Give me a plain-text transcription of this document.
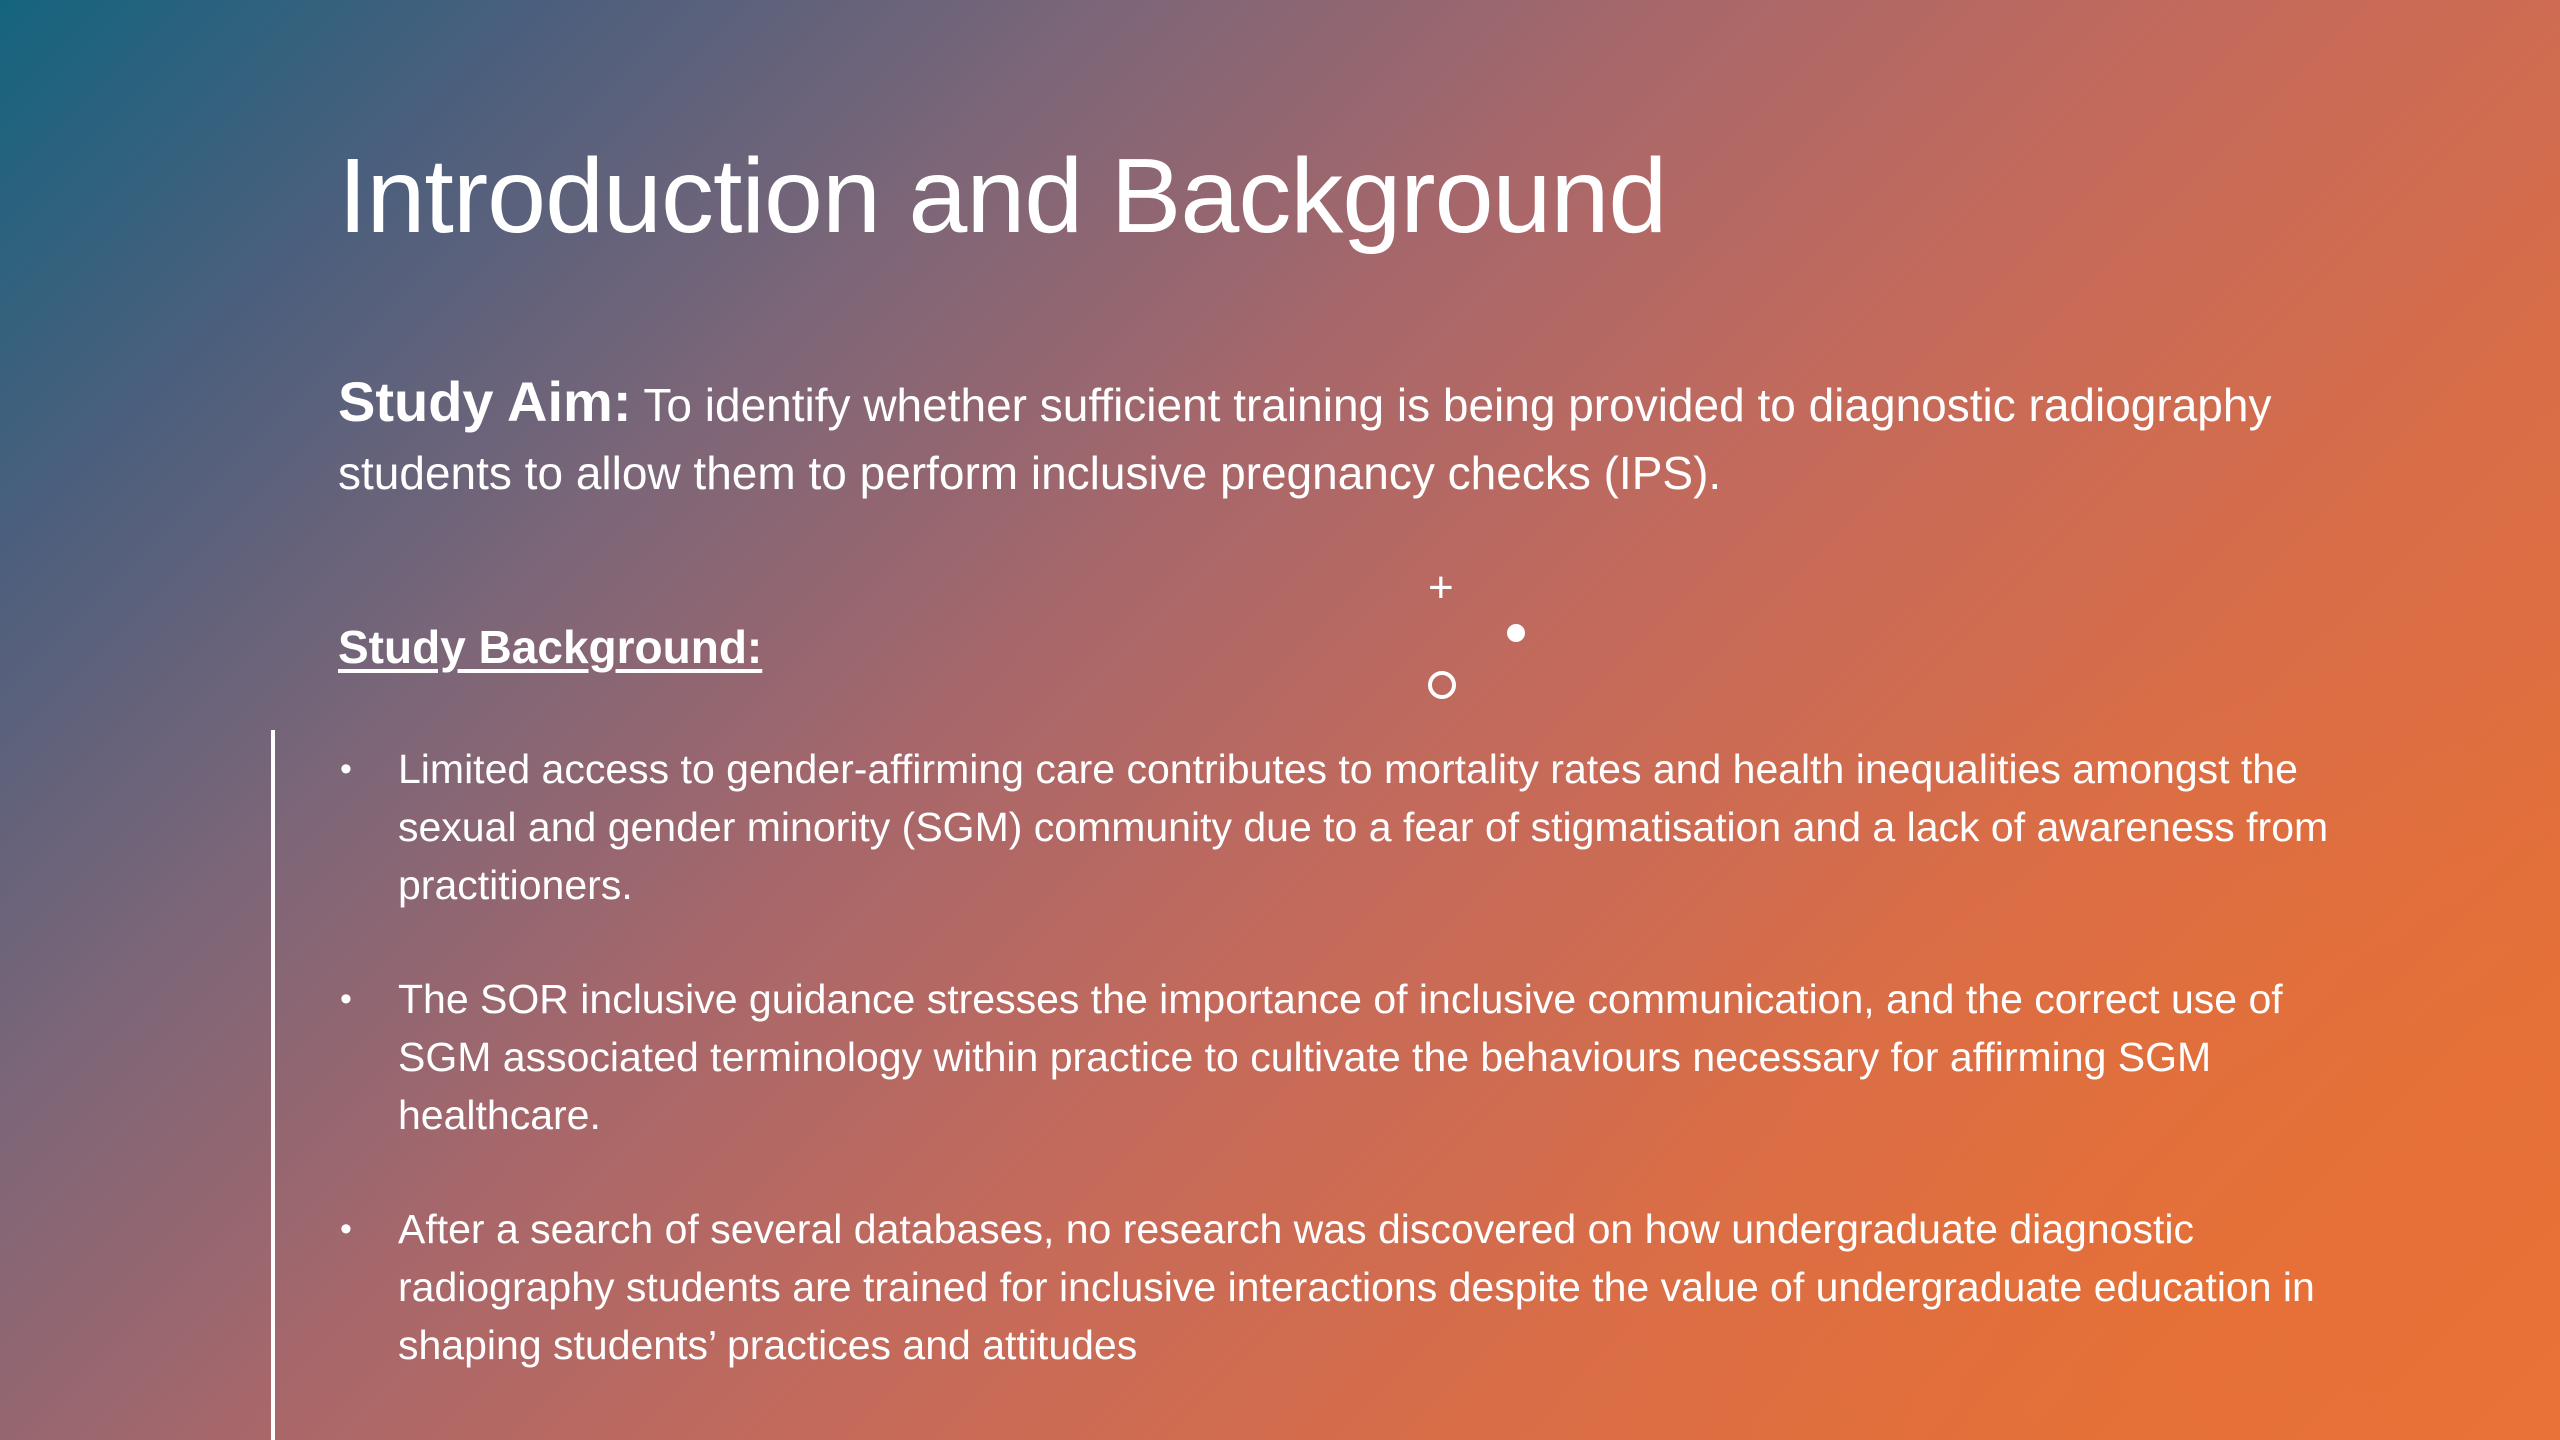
Introduction and Background
Study Aim: To identify whether sufficient training is being provided to diagnostic radiography students to allow them to perform inclusive pregnancy checks (IPS).
Study Background:
+
• Limited access to gender-affirming care contributes to mortality rates and health inequalities amongst the sexual and gender minority (SGM) community due to a fear of stigmatisation and a lack of awareness from practitioners.
• The SOR inclusive guidance stresses the importance of inclusive communication, and the correct use of SGM associated terminology within practice to cultivate the behaviours necessary for affirming SGM healthcare.
• After a search of several databases, no research was discovered on how undergraduate diagnostic radiography students are trained for inclusive interactions despite the value of undergraduate education in shaping students’ practices and attitudes
